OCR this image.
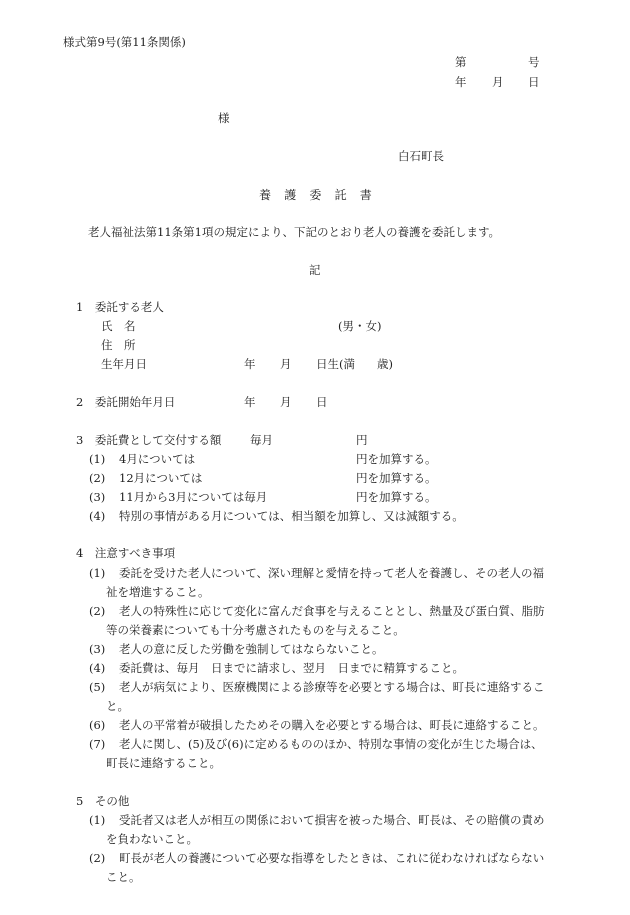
様式第9号(第11条関係)
第	号
年 月 日
様
白石町長
養護委託書
老人福祉法第11条第1項の規定により、下記のとおり老人の養護を委託します。
記
1　委託する老人
氏　名	(男・女)
住　所
生年月日	年 月 日生(満 歳)
2　委託開始年月日	年 月 日
3　委託費として交付する額 毎月	円
(1) 4月については	円を加算する。
(2) 12月については	円を加算する。
(3) 11月から3月については毎月	円を加算する。
(4) 特別の事情がある月については、相当額を加算し、又は減額する。
4　注意すべき事項
(1) 委託を受けた老人について、深い理解と愛情を持って老人を養護し、その老人の福
祉を増進すること。
(2) 老人の特殊性に応じて変化に富んだ食事を与えることとし、熱量及び蛋白質、脂肪
等の栄養素についても十分考慮されたものを与えること。
(3) 老人の意に反した労働を強制してはならないこと。
(4) 委託費は、毎月　日までに請求し、翌月　日までに精算すること。
(5) 老人が病気により、医療機関による診療等を必要とする場合は、町長に連絡するこ
と。
(6) 老人の平常着が破損したためその購入を必要とする場合は、町長に連絡すること。
(7) 老人に関し、(5)及び(6)に定めるもののほか、特別な事情の変化が生じた場合は、
町長に連絡すること。
5　その他
(1) 受託者又は老人が相互の関係において損害を被った場合、町長は、その賠償の責め
を負わないこと。
(2) 町長が老人の養護について必要な指導をしたときは、これに従わなければならない
こと。
